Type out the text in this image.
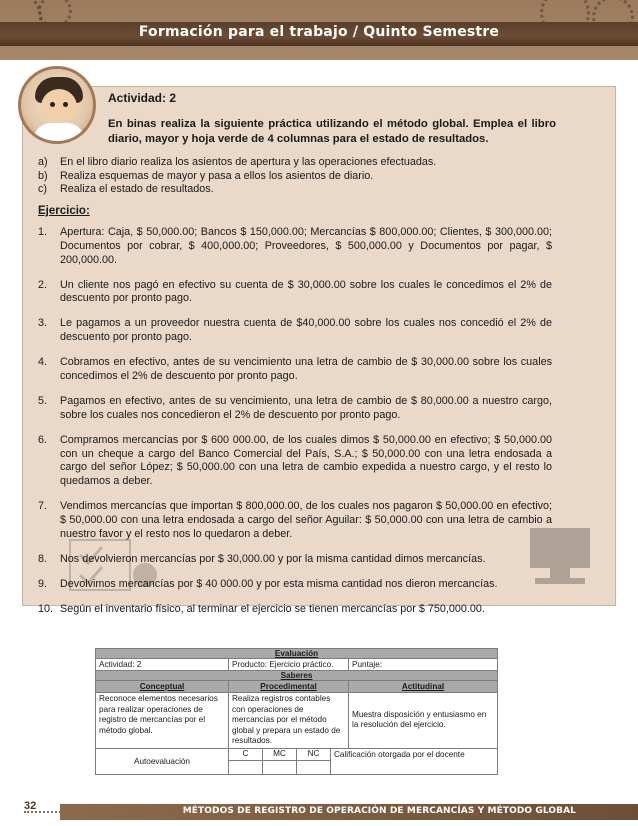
Formación para el trabajo / Quinto Semestre
Actividad: 2
En binas realiza la siguiente práctica utilizando el método global. Emplea el libro diario, mayor y hoja verde de 4 columnas para el estado de resultados.
a)	En el libro diario realiza los asientos de apertura y las operaciones efectuadas.
b)	Realiza esquemas de mayor y pasa a ellos los asientos de diario.
c)	Realiza el estado de resultados.
Ejercicio:
1.	Apertura: Caja, $ 50,000.00; Bancos $ 150,000.00; Mercancías $ 800,000.00; Clientes, $ 300,000.00; Documentos por cobrar, $ 400,000.00; Proveedores, $ 500,000.00 y Documentos por pagar, $ 200,000.00.
2.	Un cliente nos pagó en efectivo su cuenta de $ 30,000.00 sobre los cuales le concedimos el 2% de descuento por pronto pago.
3.	Le pagamos a un proveedor nuestra cuenta de $40,000.00 sobre los cuales nos concedió el 2% de descuento por pronto pago.
4.	Cobramos en efectivo, antes de su vencimiento una letra de cambio de $ 30,000.00 sobre los cuales concedimos el 2% de descuento por pronto pago.
5.	Pagamos en efectivo, antes de su vencimiento, una letra de cambio de $ 80,000.00 a nuestro cargo, sobre los cuales nos concedieron el 2% de descuento por pronto pago.
6.	Compramos mercancías por $ 600 000.00, de los cuales dimos $ 50,000.00 en efectivo; $ 50,000.00 con un cheque a cargo del Banco Comercial del País, S.A.; $ 50,000.00 con una letra endosada a cargo del señor López; $ 50,000.00 con una letra de cambio expedida a nuestro cargo, y el resto lo quedamos a deber.
7.	Vendimos mercancías que importan $ 800,000.00, de los cuales nos pagaron $ 50,000.00 en efectivo; $ 50,000.00 con una letra endosada a cargo del señor Aguilar: $ 50,000.00 con una letra de cambio a nuestro favor y el resto nos lo quedaron a deber.
8.	Nos devolvieron mercancías por $ 30,000.00 y por la misma cantidad dimos mercancías.
9.	Devolvimos mercancías por $ 40 000.00 y por esta misma cantidad nos dieron mercancías.
10. Según el inventario físico, al terminar el ejercicio se tienen mercancías por $ 750,000.00.
Evaluación					
Actividad: 2	Producto: Ejercicio práctico.				Puntaje:
Saberes					
Conceptual	Procedimental				Actitudinal
Reconoce elementos necesarios para realizar operaciones de registro de mercancías por el método global.	Realiza registros contables con operaciones de mercancías por el método global y prepara un estado de resultados.				Muestra disposición y entusiasmo en la resolución del ejercicio.
Autoevaluación	C	MC	NC	Calificación otorgada por el docente	

32	MÉTODOS DE REGISTRO DE OPERACIÓN DE MERCANCÍAS Y MÉTODO GLOBAL
